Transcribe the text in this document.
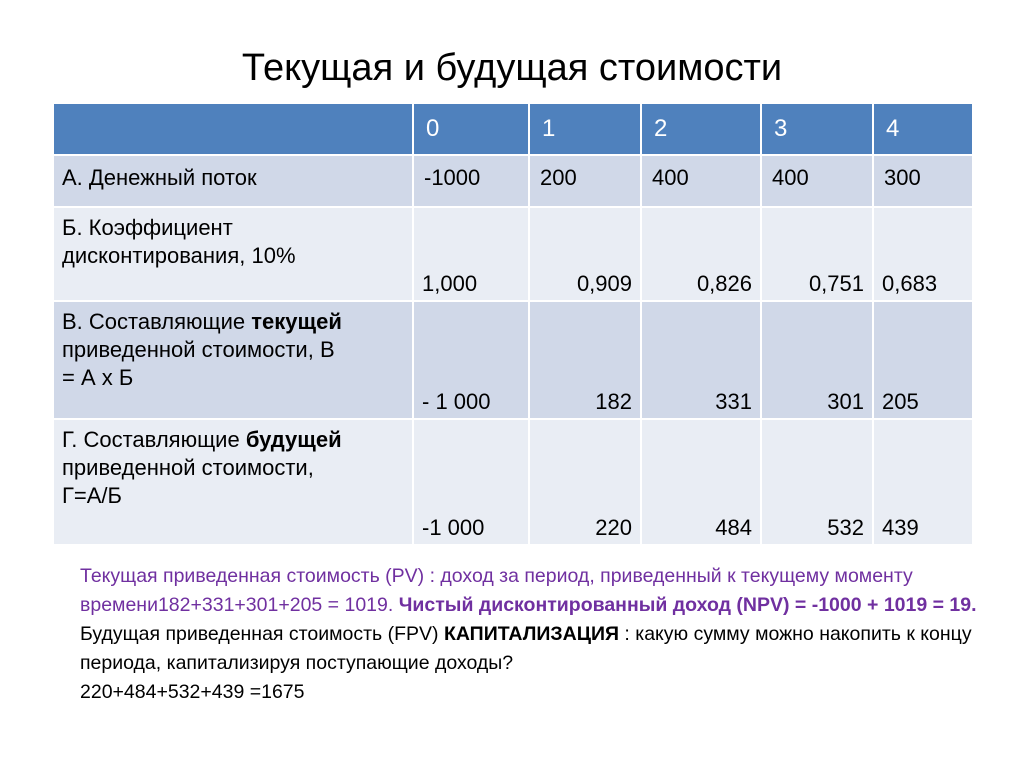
Текущая и будущая стоимости
	0	1	2	3	4
А. Денежный поток	-1000	200	400	400	300

Б. Коэффициент
дисконтирования, 10%	1,000	0,909	0,826	0,751	0,683

В. Составляющие текущей
приведенной стоимости, В
= А х Б	- 1 000	182	331	301	205

Г. Составляющие будущей
приведенной стоимости,
Г=А/Б	-1 000	220	484	532	439
Текущая приведенная стоимость (PV) : доход за период, приведенный к текущему моменту времени182+331+301+205 = 1019. Чистый дисконтированный доход (NPV) = -1000 + 1019 = 19.
Будущая приведенная стоимость (FPV) КАПИТАЛИЗАЦИЯ : какую сумму можно накопить к концу периода, капитализируя поступающие доходы?
220+484+532+439 =1675
